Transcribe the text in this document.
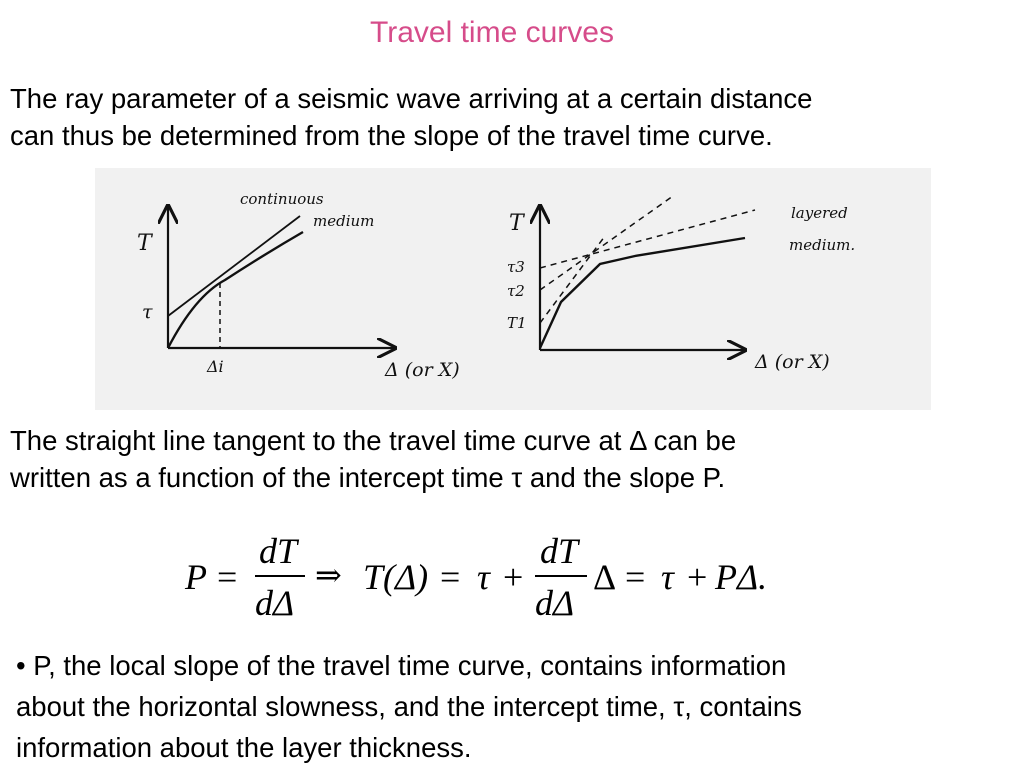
Travel time curves
The ray parameter of a seismic wave arriving at a certain distance
can thus be determined from the slope of the travel time curve.
T
τ
Δi	Δ (or X)
continuous
medium	T
τ3
τ2
T1
Δ (or X)
layered
medium.
The straight line tangent to the travel time curve at Δ can be
written as a function of the intercept time τ and the slope P.
P =
dT
dΔ
⇒ T(Δ) = τ +
dT
dΔ
Δ = τ + PΔ.
• P, the local slope of the travel time curve, contains information
about the horizontal slowness, and the intercept time, τ, contains
information about the layer thickness.
